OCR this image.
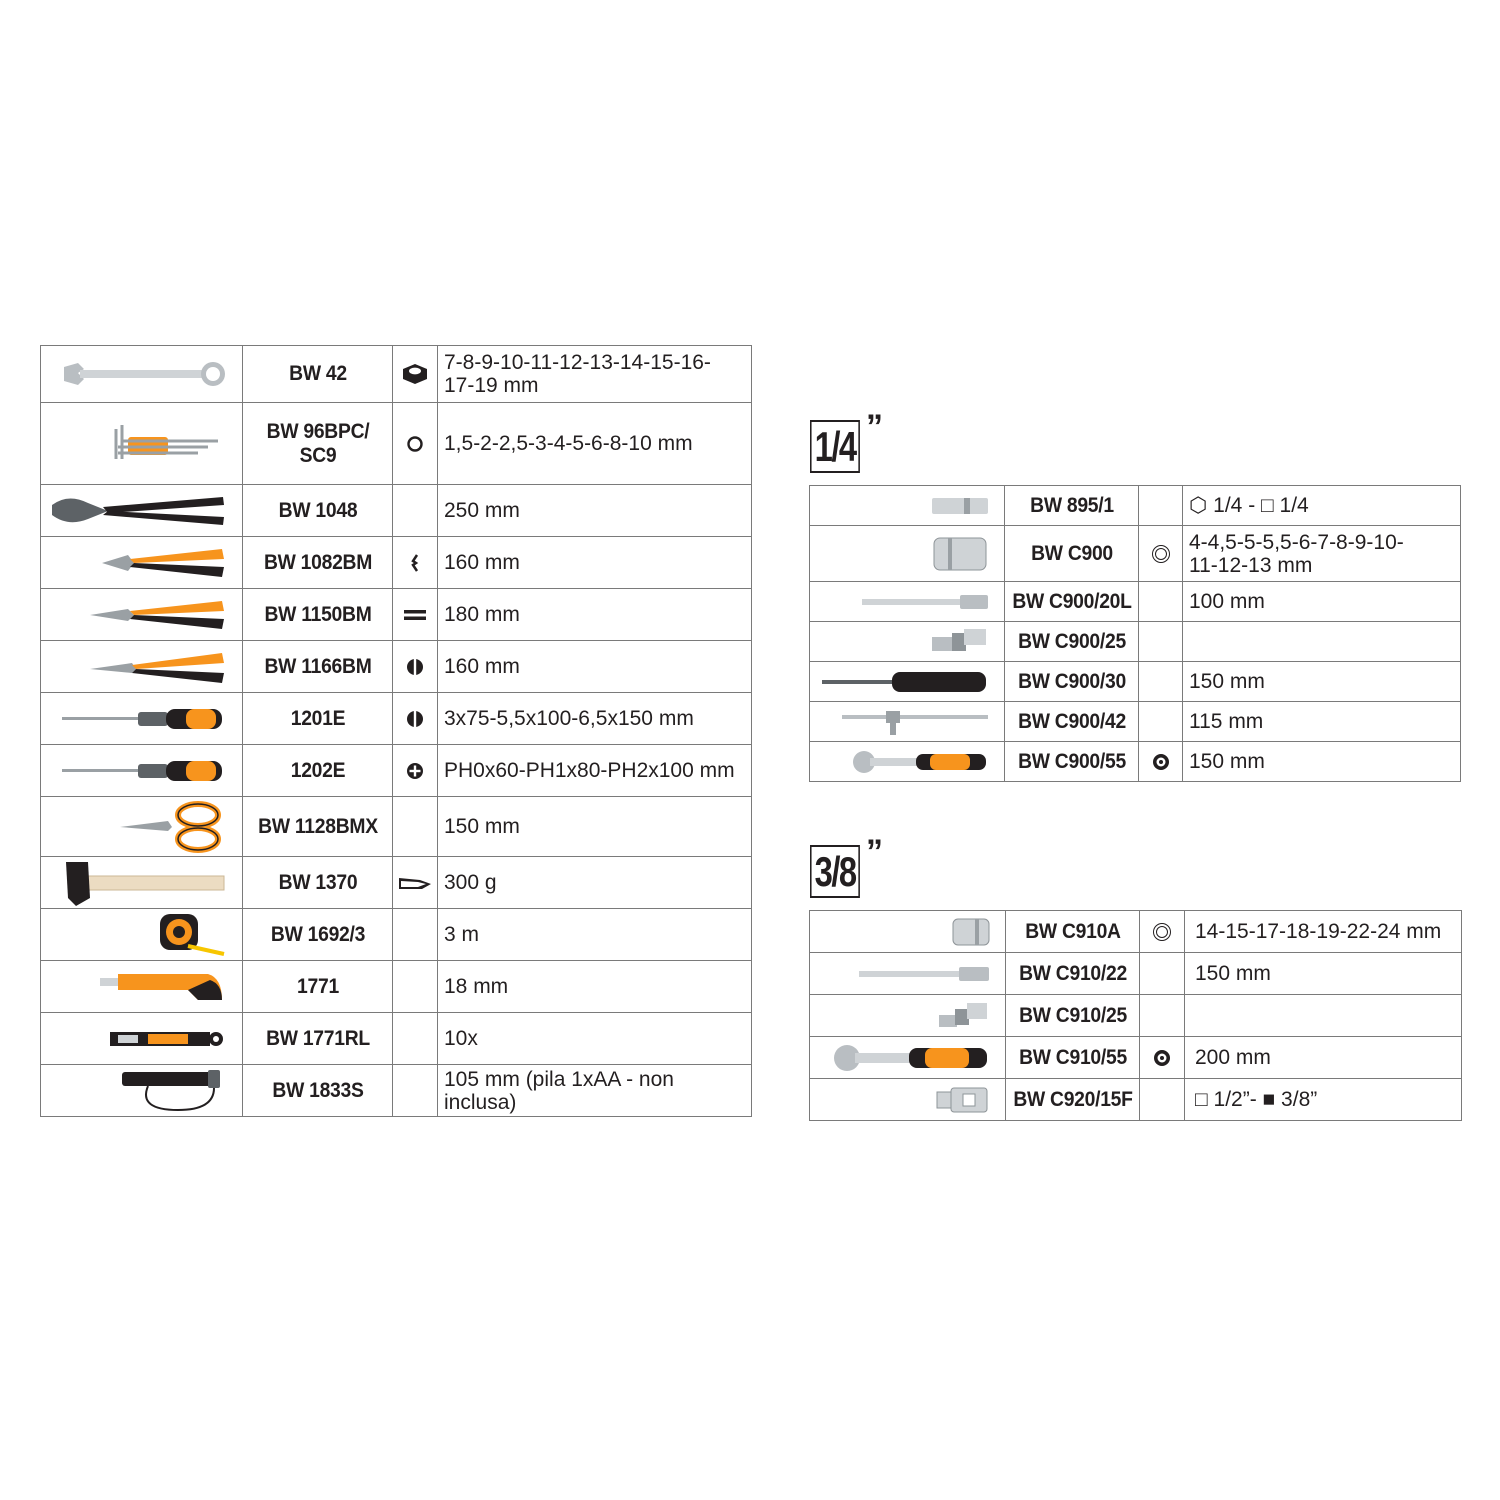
	BW 42		7-8-9-10-11-12-13-14-15-16-
17-19 mm
	BW 96BPC/
SC9		1,5-2-2,5-3-4-5-6-8-10 mm
	BW 1048		250 mm
	BW 1082BM		160 mm
	BW 1150BM		180 mm
	BW 1166BM		160 mm
	1201E		3x75-5,5x100-6,5x150 mm
	1202E		PH0x60-PH1x80-PH2x100 mm
	BW 1128BMX		150 mm
	BW 1370		300 g
	BW 1692/3		3 m
	1771		18 mm
	BW 1771RL		10x
	BW 1833S		105 mm (pila 1xAA - non inclusa)
1/4 ”
	BW 895/1		⬡ 1/4 - □ 1/4
	BW C900		4-4,5-5-5,5-6-7-8-9-10-
11-12-13 mm
	BW C900/20L		100 mm
	BW C900/25		
	BW C900/30		150 mm
	BW C900/42		115 mm
	BW C900/55		150 mm
3/8 ”
	BW C910A		14-15-17-18-19-22-24 mm
	BW C910/22		150 mm
	BW C910/25		
	BW C910/55		200 mm
	BW C920/15F		□ 1/2”- ■ 3/8”
